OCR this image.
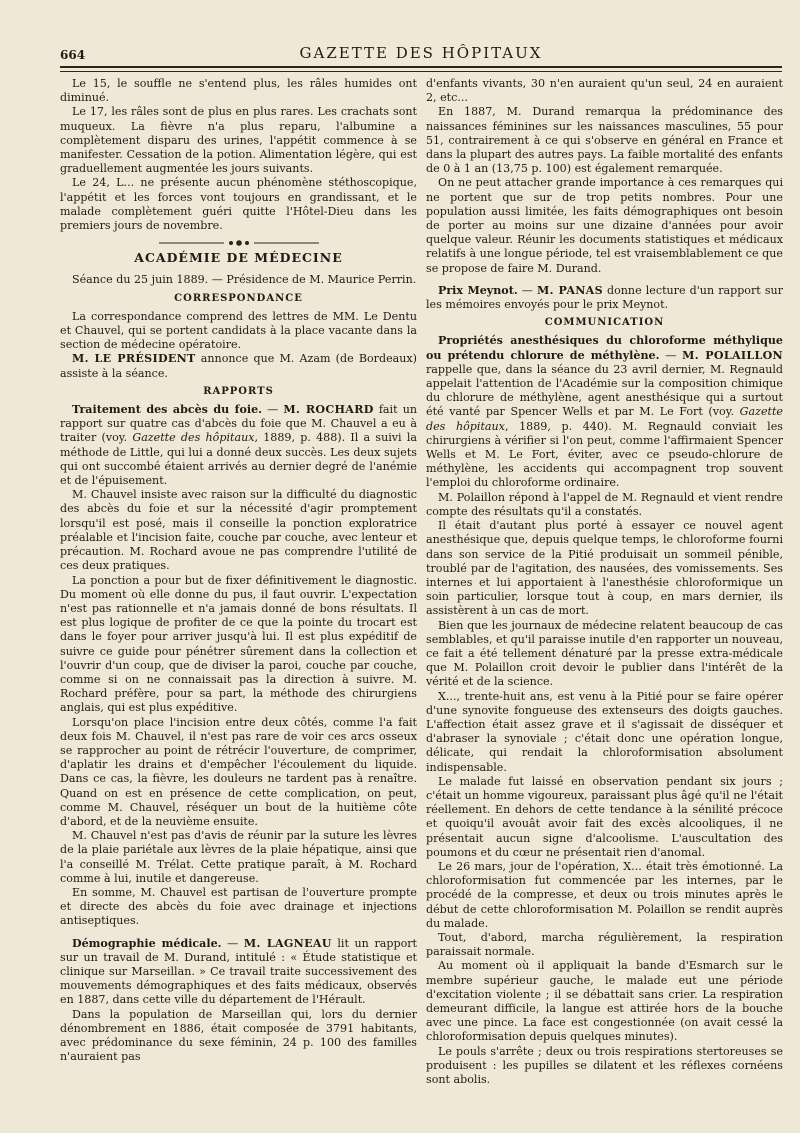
664	GAZETTE DES HÔPITAUX

Le 15, le souffle ne s'entend plus, les râles humides ont diminué.

Le 17, les râles sont de plus en plus rares. Les crachats sont muqueux. La fièvre n'a plus reparu, l'albumine a complètement disparu des urines, l'appétit commence à se manifester. Cessation de la potion. Alimentation légère, qui est graduellement augmentée les jours suivants.

Le 24, L... ne présente aucun phénomène stéthoscopique, l'appétit et les forces vont toujours en grandissant, et le malade complètement guéri quitte l'Hôtel-Dieu dans les premiers jours de novembre.

ACADÉMIE DE MÉDECINE

Séance du 25 juin 1889. — Présidence de M. Maurice Perrin.

CORRESPONDANCE

La correspondance comprend des lettres de MM. Le Dentu et Chauvel, qui se portent candidats à la place vacante dans la section de médecine opératoire.

M. LE PRÉSIDENT annonce que M. Azam (de Bordeaux) assiste à la séance.

RAPPORTS

Traitement des abcès du foie. — M. ROCHARD fait un rapport sur quatre cas d'abcès du foie que M. Chauvel a eu à traiter (voy. Gazette des hôpitaux, 1889, p. 488). Il a suivi la méthode de Little, qui lui a donné deux succès. Les deux sujets qui ont succombé étaient arrivés au dernier degré de l'anémie et de l'épuisement.

M. Chauvel insiste avec raison sur la difficulté du diagnostic des abcès du foie et sur la nécessité d'agir promptement lorsqu'il est posé, mais il conseille la ponction exploratrice préalable et l'incision faite, couche par couche, avec lenteur et précaution. M. Rochard avoue ne pas comprendre l'utilité de ces deux pratiques.

La ponction a pour but de fixer définitivement le diagnostic. Du moment où elle donne du pus, il faut ouvrir. L'expectation n'est pas rationnelle et n'a jamais donné de bons résultats. Il est plus logique de profiter de ce que la pointe du trocart est dans le foyer pour arriver jusqu'à lui. Il est plus expéditif de suivre ce guide pour pénétrer sûrement dans la collection et l'ouvrir d'un coup, que de diviser la paroi, couche par couche, comme si on ne connaissait pas la direction à suivre. M. Rochard préfère, pour sa part, la méthode des chirurgiens anglais, qui est plus expéditive.

Lorsqu'on place l'incision entre deux côtés, comme l'a fait deux fois M. Chauvel, il n'est pas rare de voir ces arcs osseux se rapprocher au point de rétrécir l'ouverture, de comprimer, d'aplatir les drains et d'empêcher l'écoulement du liquide. Dans ce cas, la fièvre, les douleurs ne tardent pas à renaître. Quand on est en présence de cette complication, on peut, comme M. Chauvel, réséquer un bout de la huitième côte d'abord, et de la neuvième ensuite.

M. Chauvel n'est pas d'avis de réunir par la suture les lèvres de la plaie pariétale aux lèvres de la plaie hépatique, ainsi que l'a conseillé M. Trélat. Cette pratique paraît, à M. Rochard comme à lui, inutile et dangereuse.

En somme, M. Chauvel est partisan de l'ouverture prompte et directe des abcès du foie avec drainage et injections antiseptiques.

Démographie médicale. — M. LAGNEAU lit un rapport sur un travail de M. Durand, intitulé : « Étude statistique et clinique sur Marseillan. » Ce travail traite successivement des mouvements démographiques et des faits médicaux, observés en 1887, dans cette ville du département de l'Hérault.

Dans la population de Marseillan qui, lors du dernier dénombrement en 1886, était composée de 3791 habitants, avec prédominance du sexe féminin, 24 p. 100 des familles n'auraient pas

d'enfants vivants, 30 n'en auraient qu'un seul, 24 en auraient 2, etc...

En 1887, M. Durand remarqua la prédominance des naissances féminines sur les naissances masculines, 55 pour 51, contrairement à ce qui s'observe en général en France et dans la plupart des autres pays. La faible mortalité des enfants de 0 à 1 an (13,75 p. 100) est également remarquée.

On ne peut attacher grande importance à ces remarques qui ne portent que sur de trop petits nombres. Pour une population aussi limitée, les faits démographiques ont besoin de porter au moins sur une dizaine d'années pour avoir quelque valeur. Réunir les documents statistiques et médicaux relatifs à une longue période, tel est vraisemblablement ce que se propose de faire M. Durand.

Prix Meynot. — M. PANAS donne lecture d'un rapport sur les mémoires envoyés pour le prix Meynot.

COMMUNICATION

Propriétés anesthésiques du chloroforme méthylique ou prétendu chlorure de méthylène. — M. POLAILLON rappelle que, dans la séance du 23 avril dernier, M. Regnauld appelait l'attention de l'Académie sur la composition chimique du chlorure de méthylène, agent anesthésique qui a surtout été vanté par Spencer Wells et par M. Le Fort (voy. Gazette des hôpitaux, 1889, p. 440). M. Regnauld conviait les chirurgiens à vérifier si l'on peut, comme l'affirmaient Spencer Wells et M. Le Fort, éviter, avec ce pseudo-chlorure de méthylène, les accidents qui accompagnent trop souvent l'emploi du chloroforme ordinaire.

M. Polaillon répond à l'appel de M. Regnauld et vient rendre compte des résultats qu'il a constatés.

Il était d'autant plus porté à essayer ce nouvel agent anesthésique que, depuis quelque temps, le chloroforme fourni dans son service de la Pitié produisait un sommeil pénible, troublé par de l'agitation, des nausées, des vomissements. Ses internes et lui apportaient à l'anesthésie chloroformique un soin particulier, lorsque tout à coup, en mars dernier, ils assistèrent à un cas de mort.

Bien que les journaux de médecine relatent beaucoup de cas semblables, et qu'il paraisse inutile d'en rapporter un nouveau, ce fait a été tellement dénaturé par la presse extra-médicale que M. Polaillon croit devoir le publier dans l'intérêt de la vérité et de la science.

X..., trente-huit ans, est venu à la Pitié pour se faire opérer d'une synovite fongueuse des extenseurs des doigts gauches. L'affection était assez grave et il s'agissait de disséquer et d'abraser la synoviale ; c'était donc une opération longue, délicate, qui rendait la chloroformisation absolument indispensable.

Le malade fut laissé en observation pendant six jours ; c'était un homme vigoureux, paraissant plus âgé qu'il ne l'était réellement. En dehors de cette tendance à la sénilité précoce et quoiqu'il avouât avoir fait des excès alcooliques, il ne présentait aucun signe d'alcoolisme. L'auscultation des poumons et du cœur ne présentait rien d'anomal.

Le 26 mars, jour de l'opération, X... était très émotionné. La chloroformisation fut commencée par les internes, par le procédé de la compresse, et deux ou trois minutes après le début de cette chloroformisation M. Polaillon se rendit auprès du malade.

Tout, d'abord, marcha régulièrement, la respiration paraissait normale.

Au moment où il appliquait la bande d'Esmarch sur le membre supérieur gauche, le malade eut une période d'excitation violente ; il se débattait sans crier. La respiration demeurant difficile, la langue est attirée hors de la bouche avec une pince. La face est congestionnée (on avait cessé la chloroformisation depuis quelques minutes).

Le pouls s'arrête ; deux ou trois respirations stertoreuses se produisent : les pupilles se dilatent et les réflexes cornéens sont abolis.
